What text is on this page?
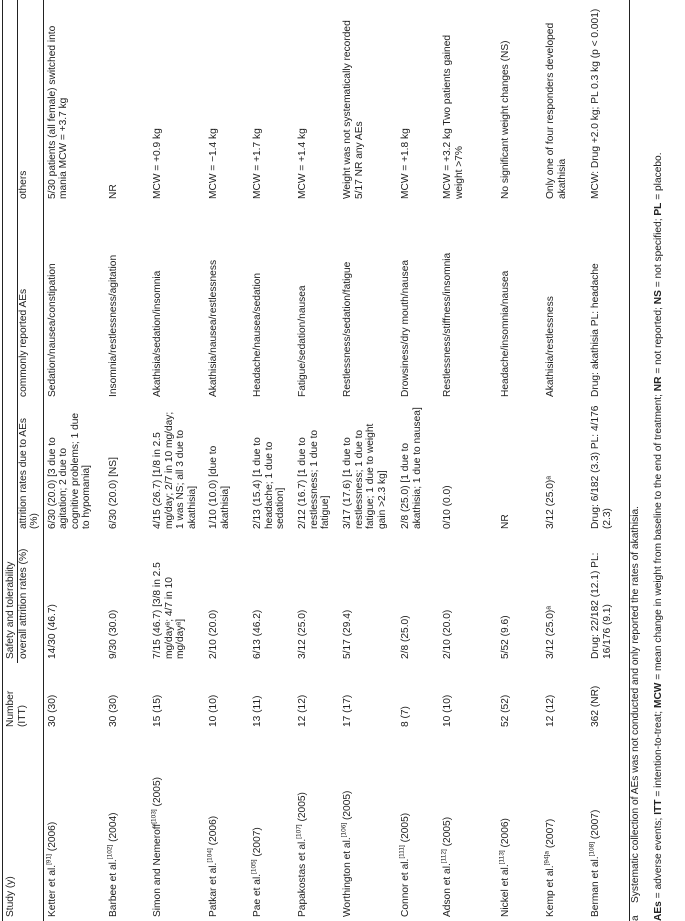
Study (y)	Number	Safety and tolerability			
	(ITT)	overall attrition rates (%)	attrition rates due to AEs (%)	commonly reported AEs	others
Ketter et al.[91] (2006)	30 (30)	14/30 (46.7)	6/30 (20.0) [3 due to agitation; 2 due to cognitive problems; 1 due to hypomania]	Sedation/nausea/constipation	5/30 patients (all female) switched into mania MCW = +3.7 kg
Barbee et al.[102] (2004)	30 (30)	9/30 (30.0)	6/30 (20.0) [NS]	Insomnia/restlessness/agitation	NR
Simon and Nemeroff[103] (2005)	15 (15)	7/15 (46.7) [3/8 in 2.5 mg/dayᵃ; 4/7 in 10 mg/dayᵃ]	4/15 (26.7) [1/8 in 2.5 mg/day; 2/7 in 10 mg/day; 1 was NS; all 3 due to akathisia]	Akathisia/sedation/insomnia	MCW = +0.9 kg
Patkar et al.[104] (2006)	10 (10)	2/10 (20.0)	1/10 (10.0) [due to akathisia]	Akathisia/nausea/restlessness	MCW = −1.4 kg
Pae et al.[105] (2007)	13 (11)	6/13 (46.2)	2/13 (15.4) [1 due to headache; 1 due to sedation]	Headache/nausea/sedation	MCW = +1.7 kg
Papakostas et al.[107] (2005)	12 (12)	3/12 (25.0)	2/12 (16.7) [1 due to restlessness; 1 due to fatigue]	Fatigue/sedation/nausea	MCW = +1.4 kg
Worthington et al.[106] (2005)	17 (17)	5/17 (29.4)	3/17 (17.6) [1 due to restlessness; 1 due to fatigue; 1 due to weight gain >2.3 kg]	Restlessness/sedation/fatigue	Weight was not systematically recorded 5/17 NR any AEs
Connor et al.[111] (2005)	8 (7)	2/8 (25.0)	2/8 (25.0) [1 due to akathisia; 1 due to nausea]	Drowsiness/dry mouth/nausea	MCW = +1.8 kg
Adson et al.[112] (2005)	10 (10)	2/10 (20.0)	0/10 (0.0)	Restlessness/stiffness/insomnia	MCW = +3.2 kg Two patients gained weight >7%
Nickel et al.[113] (2006)	52 (52)	5/52 (9.6)	NR	Headache/insomnia/nausea	No significant weight changes (NS)
Kemp et al.$^{[94]a}$ (2007)	12 (12)	3/12 (25.0)ᵃ	3/12 (25.0)ᵃ	Akathisia/restlessness	Only one of four responders developed akathisia
Berman et al.[108] (2007)	362 (NR)	Drug: 22/182 (12.1) PL: 16/176 (9.1)	Drug: 6/182 (3.3) PL: 4/176 (2.3)	Drug: akathisia PL: headache	MCW: Drug +2.0 kg; PL 0.3 kg (p < 0.001)
aSystematic collection of AEs was not conducted and only reported the rates of akathisia.
AEs = adverse events; ITT = intention-to-treat; MCW = mean change in weight from baseline to the end of treatment; NR = not reported; NS = not specified; PL = placebo.
